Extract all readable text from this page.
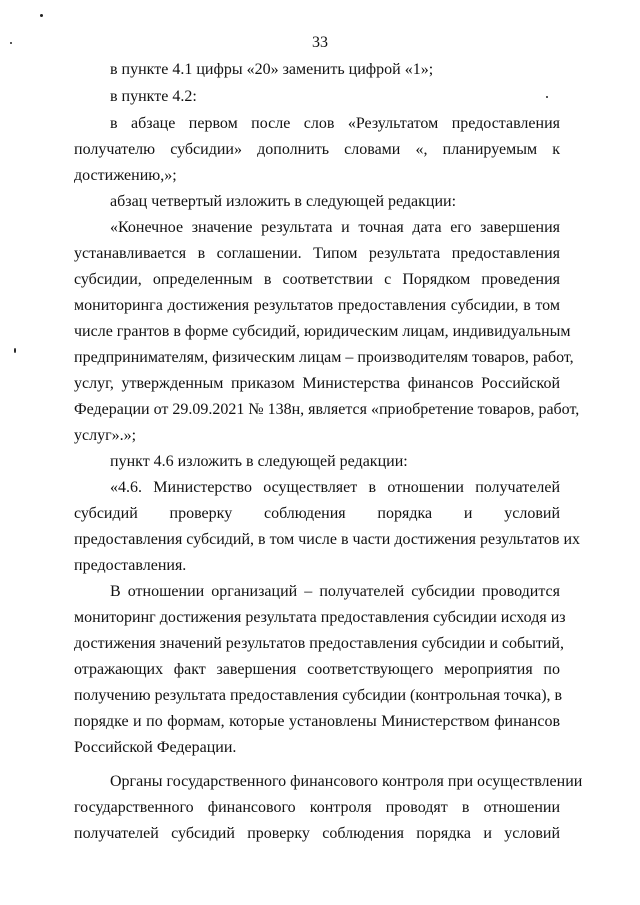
33
в пункте 4.1 цифры «20» заменить цифрой «1»;
в пункте 4.2:
в абзаце первом после слов «Результатом предоставления
получателю субсидии» дополнить словами «, планируемым к
достижению,»;
абзац четвертый изложить в следующей редакции:
«Конечное значение результата и точная дата его завершения
устанавливается в соглашении. Типом результата предоставления
субсидии, определенным в соответствии с Порядком проведения
мониторинга достижения результатов предоставления субсидии, в том
числе грантов в форме субсидий, юридическим лицам, индивидуальным
предпринимателям, физическим лицам – производителям товаров, работ,
услуг, утвержденным приказом Министерства финансов Российской
Федерации от 29.09.2021 № 138н, является «приобретение товаров, работ,
услуг».»;
пункт 4.6 изложить в следующей редакции:
«4.6. Министерство осуществляет в отношении получателей
субсидий проверку соблюдения порядка и условий
предоставления субсидий, в том числе в части достижения результатов их
предоставления.
В отношении организаций – получателей субсидии проводится
мониторинг достижения результата предоставления субсидии исходя из
достижения значений результатов предоставления субсидии и событий,
отражающих факт завершения соответствующего мероприятия по
получению результата предоставления субсидии (контрольная точка), в
порядке и по формам, которые установлены Министерством финансов
Российской Федерации.
Органы государственного финансового контроля при осуществлении
государственного финансового контроля проводят в отношении
получателей субсидий проверку соблюдения порядка и условий
